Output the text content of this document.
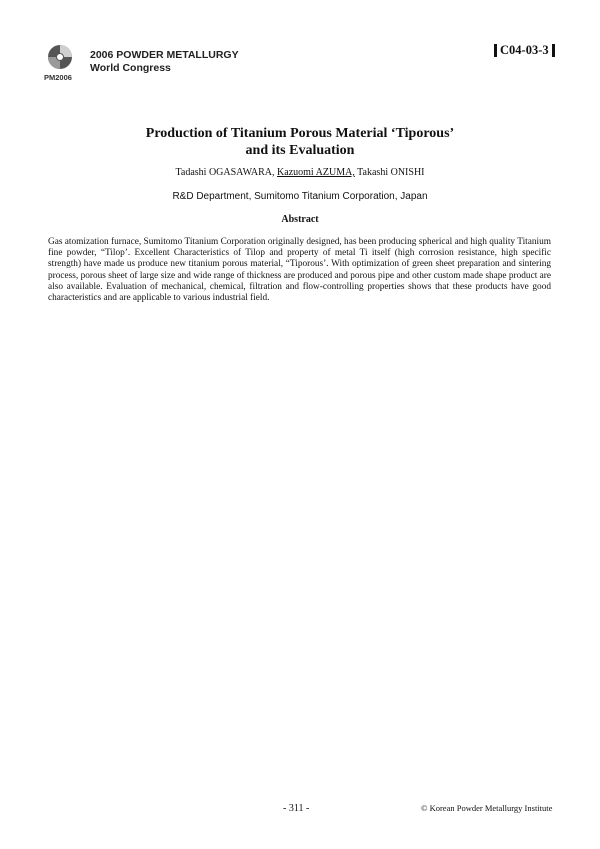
PM2006
2006 POWDER METALLURGY
World Congress
C04-03-3
Production of Titanium Porous Material ‘Tiporous’
and its Evaluation
Tadashi OGASAWARA, Kazuomi AZUMA, Takashi ONISHI
R&D Department, Sumitomo Titanium Corporation, Japan
Abstract
Gas atomization furnace, Sumitomo Titanium Corporation originally designed, has been producing spherical and high quality Titanium fine powder, “Tilop’. Excellent Characteristics of Tilop and property of metal Ti itself (high corrosion resistance, high specific strength) have made us produce new titanium porous material, “Tiporous’. With optimization of green sheet preparation and sintering process, porous sheet of large size and wide range of thickness are produced and porous pipe and other custom made shape product are also available. Evaluation of mechanical, chemical, filtration and flow-controlling properties shows that these products have good characteristics and are applicable to various industrial field.
- 311 -	© Korean Powder Metallurgy Institute
